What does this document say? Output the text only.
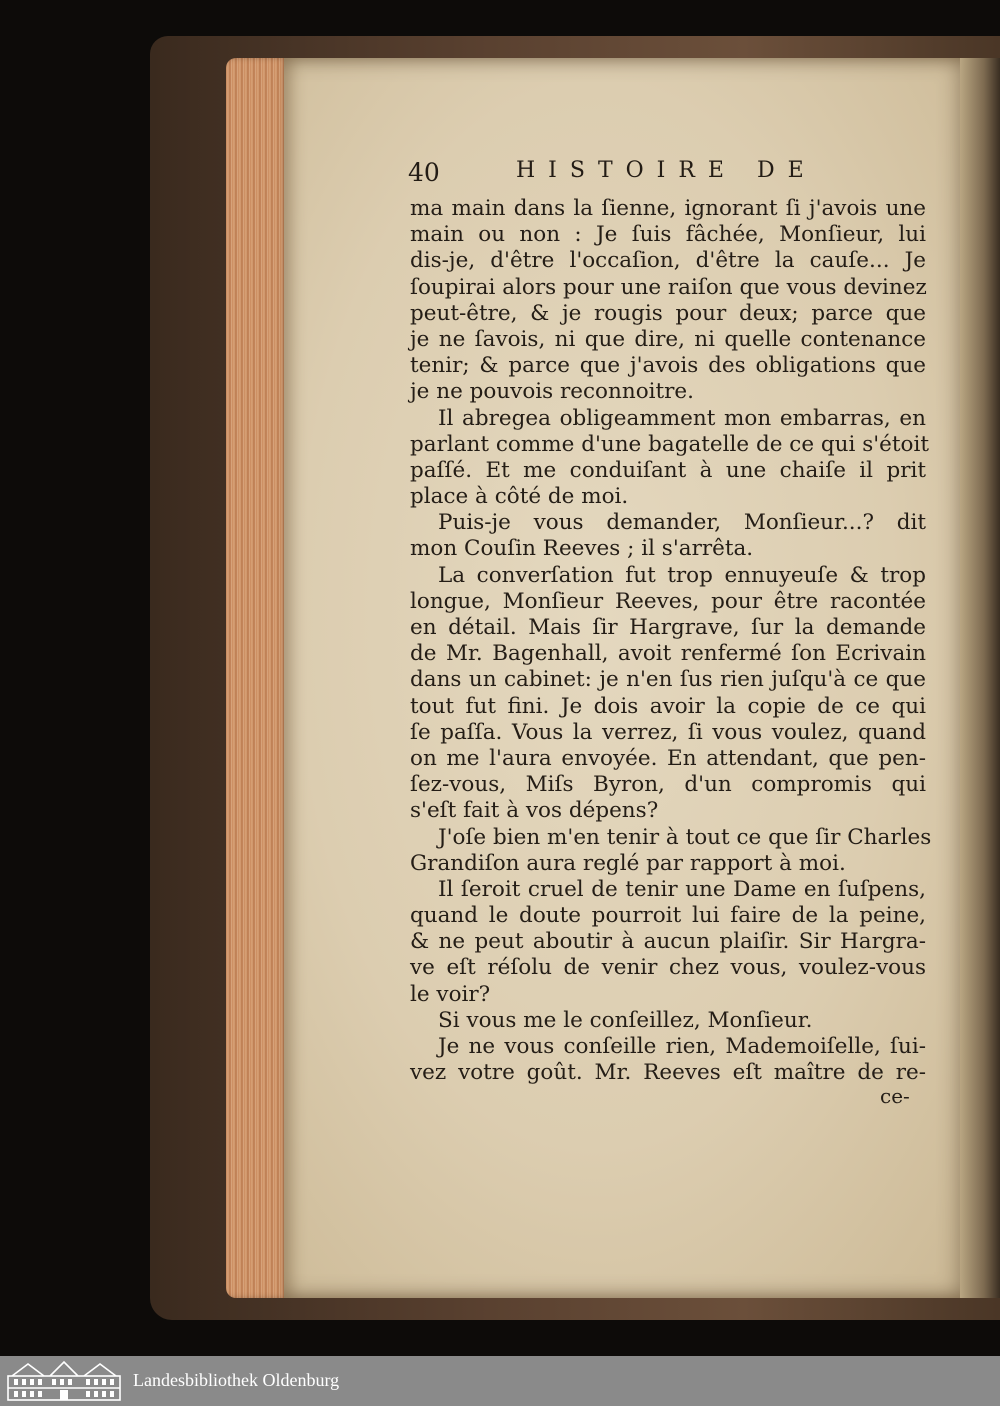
40	HISTOIRE DE
ma main dans la ſienne, ignorant ſi j'avois une
main ou non : Je ſuis fâchée, Monſieur, lui
dis-je, d'être l'occaſion, d'être la cauſe... Je
ſoupirai alors pour une raiſon que vous devinez
peut-être, & je rougis pour deux; parce que
je ne ſavois, ni que dire, ni quelle contenance
tenir; & parce que j'avois des obligations que
je ne pouvois reconnoitre.
Il abregea obligeamment mon embarras, en
parlant comme d'une bagatelle de ce qui s'étoit
paſſé. Et me conduiſant à une chaiſe il prit
place à côté de moi.
Puis-je vous demander, Monſieur...? dit
mon Couſin Reeves ; il s'arrêta.
La converſation fut trop ennuyeuſe & trop
longue, Monſieur Reeves, pour être racontée
en détail. Mais ſir Hargrave, ſur la demande
de Mr. Bagenhall, avoit renfermé ſon Ecrivain
dans un cabinet: je n'en ſus rien juſqu'à ce que
tout fut fini. Je dois avoir la copie de ce qui
ſe paſſa. Vous la verrez, ſi vous voulez, quand
on me l'aura envoyée. En attendant, que pen-
ſez-vous, Miſs Byron, d'un compromis qui
s'eſt fait à vos dépens?
J'oſe bien m'en tenir à tout ce que ſir Charles
Grandiſon aura reglé par rapport à moi.
Il ſeroit cruel de tenir une Dame en ſuſpens,
quand le doute pourroit lui faire de la peine,
& ne peut aboutir à aucun plaiſir. Sir Hargra-
ve eſt réſolu de venir chez vous, voulez-vous
le voir?
Si vous me le conſeillez, Monſieur.
Je ne vous conſeille rien, Mademoiſelle, ſui-
vez votre goût. Mr. Reeves eſt maître de re-
ce-
Landesbibliothek Oldenburg
